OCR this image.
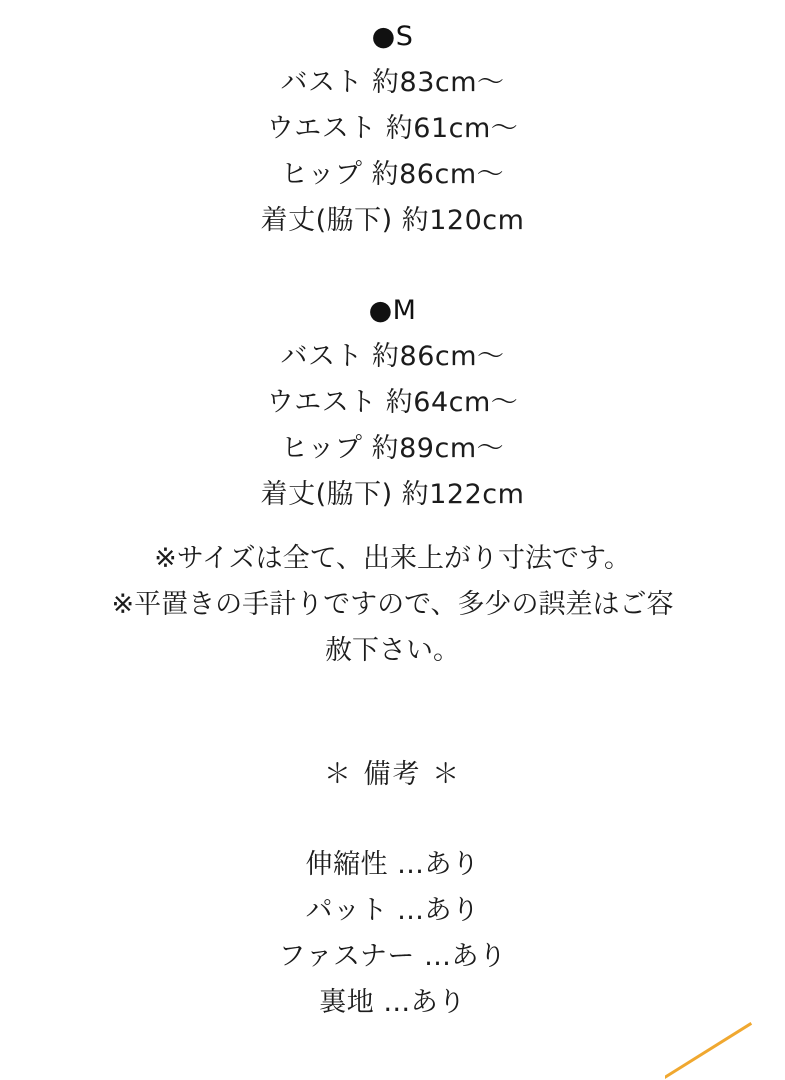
●S
バスト 約83cm〜
ウエスト 約61cm〜
ヒップ 約86cm〜
着丈(脇下) 約120cm
●M
バスト 約86cm〜
ウエスト 約64cm〜
ヒップ 約89cm〜
着丈(脇下) 約122cm
※サイズは全て、出来上がり寸法です。
※平置きの手計りですので、多少の誤差はご容
赦下さい。
＊ 備考 ＊
伸縮性 …あり
パット …あり
ファスナー …あり
裏地 …あり
